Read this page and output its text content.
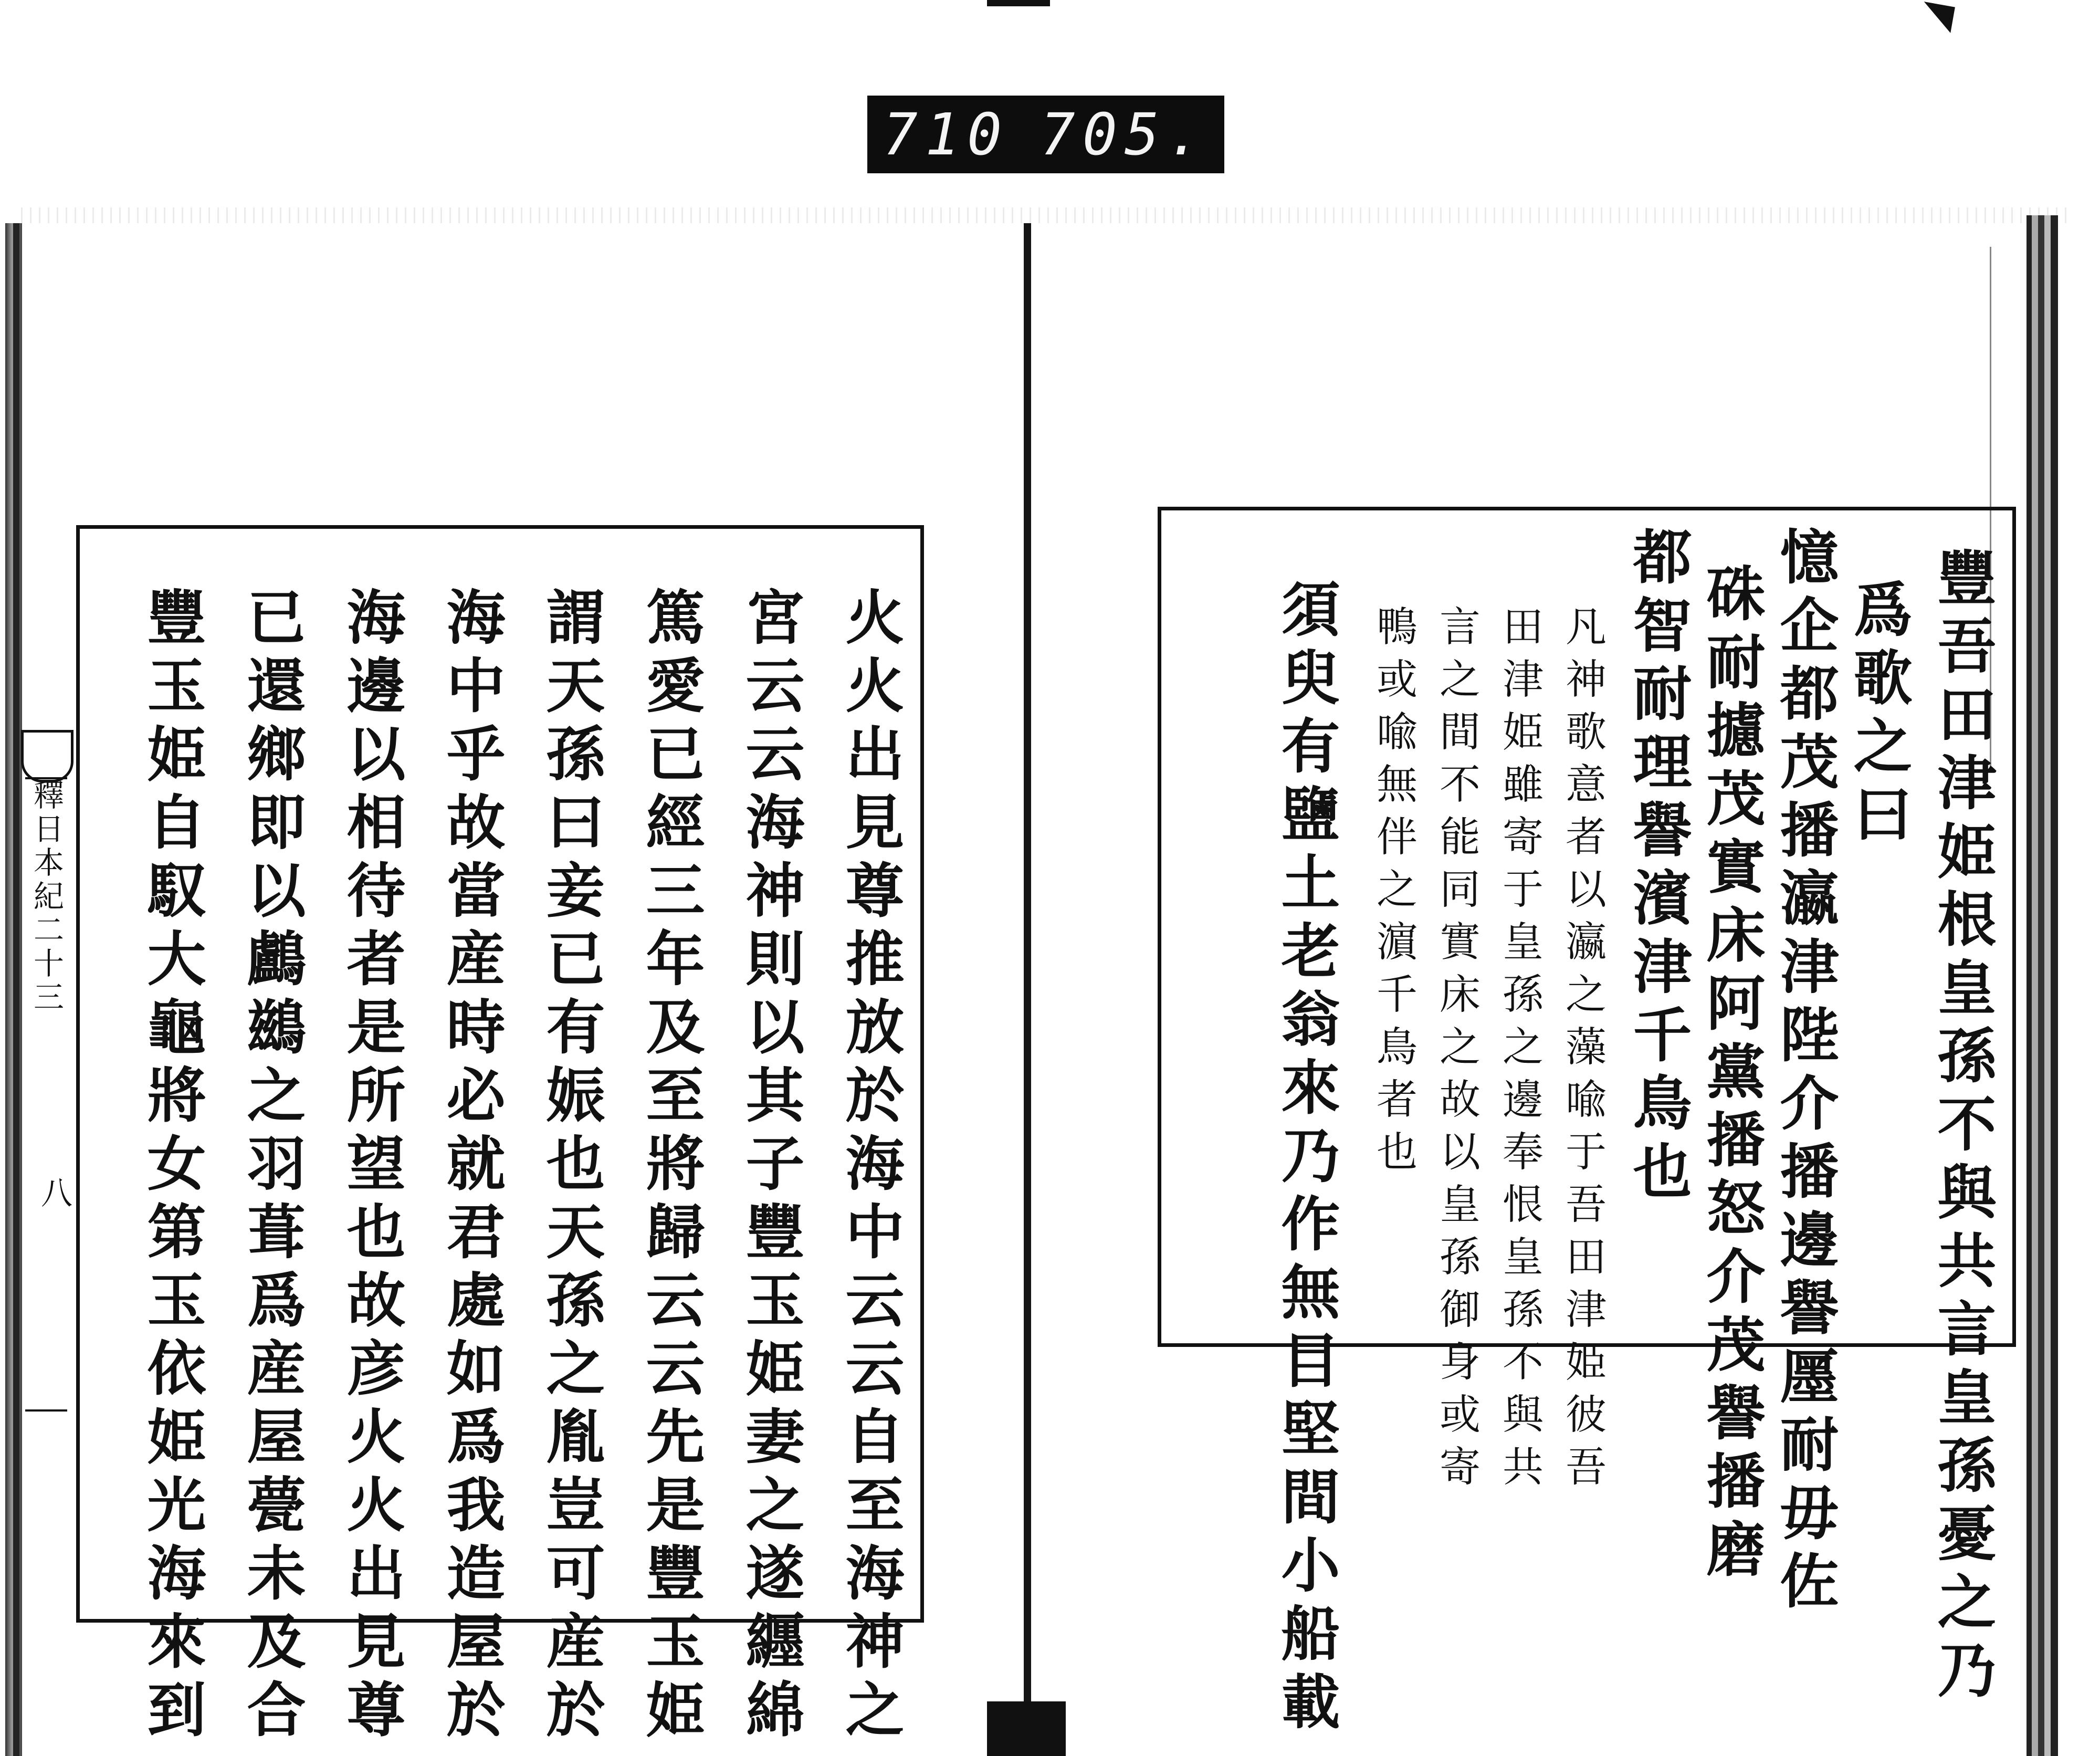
710 705.
釋日本紀二十三
八	豐吾田津姫根皇孫不與共言皇孫憂之乃
爲歌之曰
憶企都茂播瀛津陛介播邊譽㕓耐毋佐
硃耐攄茂實床阿黨播怒介茂譽播磨
都智耐理譽濱津千鳥也
凡神歌意者以瀛之藻喩于吾田津姫彼吾
田津姫雖寄于皇孫之邊奉恨皇孫不與共
言之間不能同實床之故以皇孫御身或寄
鴨或喩無伴之濵千鳥者也
須臾有鹽土老翁來乃作無目堅間小船載
火火出見尊推放於海中云云自至海神之
宮云云海神則以其子豐玉姫妻之遂纒綿
篤愛已經三年及至將歸云云先是豐玉姫
謂天孫曰妾已有娠也天孫之胤豈可産於
海中乎故當産時必就君處如爲我造屋於
海邊以相待者是所望也故彦火火出見尊
已還鄉即以鸕鷀之羽葺爲産屋甍未及合
豐玉姫自馭大龜將女第玉依姫光海來到
